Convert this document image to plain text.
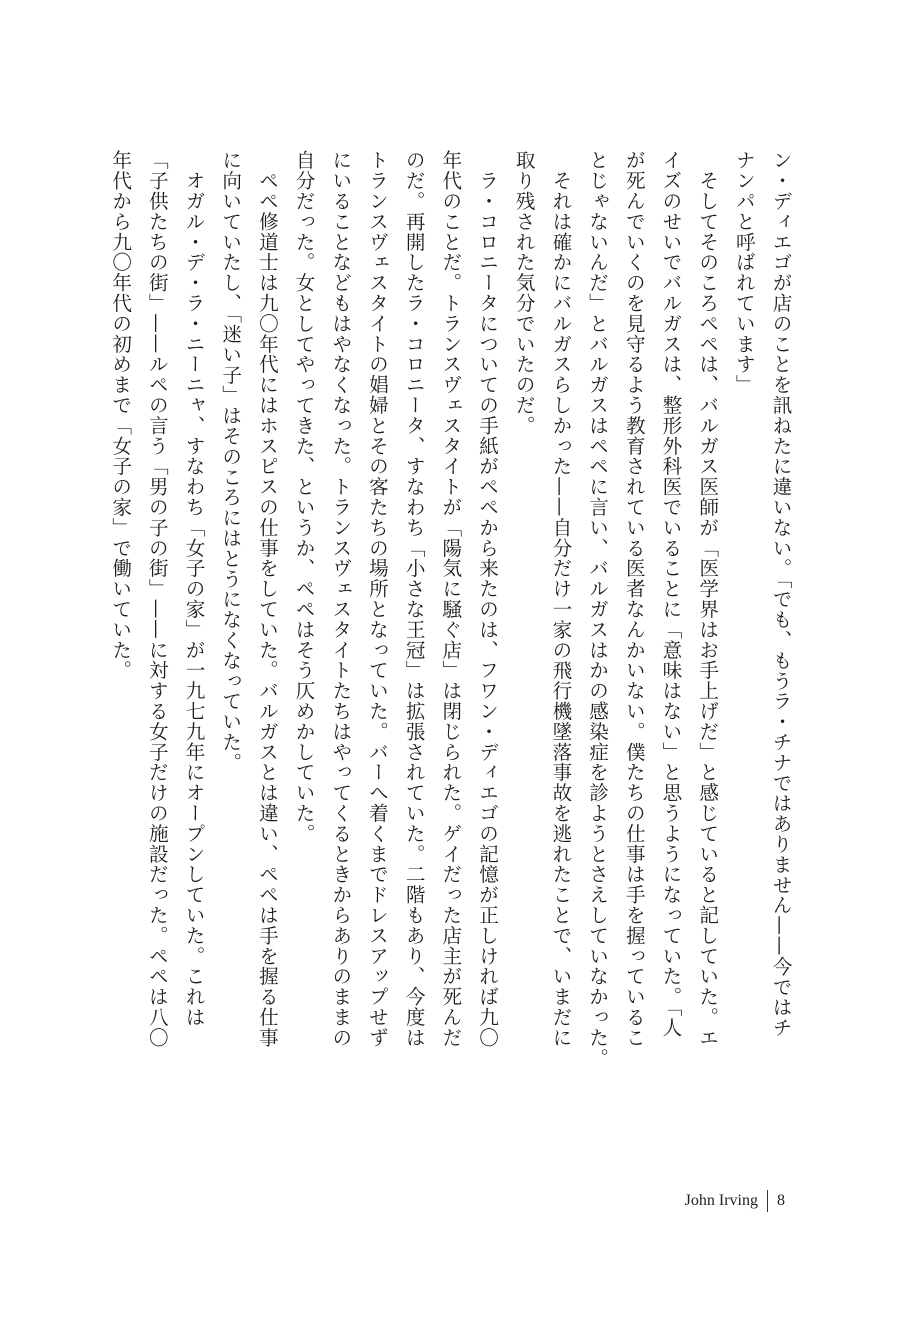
ン・ディエゴが店のことを訊ねたに違いない。「でも、もうラ・チナではありません——今ではチ

ナンパと呼ばれています」

　そしてそのころペペは、バルガス医師が「医学界はお手上げだ」と感じていると記していた。エ

イズのせいでバルガスは、整形外科医でいることに「意味はない」と思うようになっていた。「人

が死んでいくのを見守るよう教育されている医者なんかいない。僕たちの仕事は手を握っているこ

とじゃないんだ」とバルガスはペペに言い、バルガスはかの感染症を診ようとさえしていなかった。

　それは確かにバルガスらしかった——自分だけ一家の飛行機墜落事故を逃れたことで、いまだに

取り残された気分でいたのだ。

　ラ・コロニータについての手紙がペペから来たのは、フワン・ディエゴの記憶が正しければ九〇

年代のことだ。トランスヴェスタイトが「陽気に騒ぐ店」は閉じられた。ゲイだった店主が死んだ

のだ。再開したラ・コロニータ、すなわち「小さな王冠」は拡張されていた。二階もあり、今度は

トランスヴェスタイトの娼婦とその客たちの場所となっていた。バーへ着くまでドレスアップせず

にいることなどもはやなくなった。トランスヴェスタイトたちはやってくるときからありのままの

自分だった。女としてやってきた、というか、ペペはそう仄めかしていた。

　ペペ修道士は九〇年代にはホスピスの仕事をしていた。バルガスとは違い、ペペは手を握る仕事

に向いていたし、「迷い子」はそのころにはとうになくなっていた。

　オガル・デ・ラ・ニーニャ、すなわち「女子の家」が一九七九年にオープンしていた。これは

「子供たちの街」——ルペの言う「男の子の街」——に対する女子だけの施設だった。ペペは八〇

年代から九〇年代の初めまで「女子の家」で働いていた。

John Irving	8
